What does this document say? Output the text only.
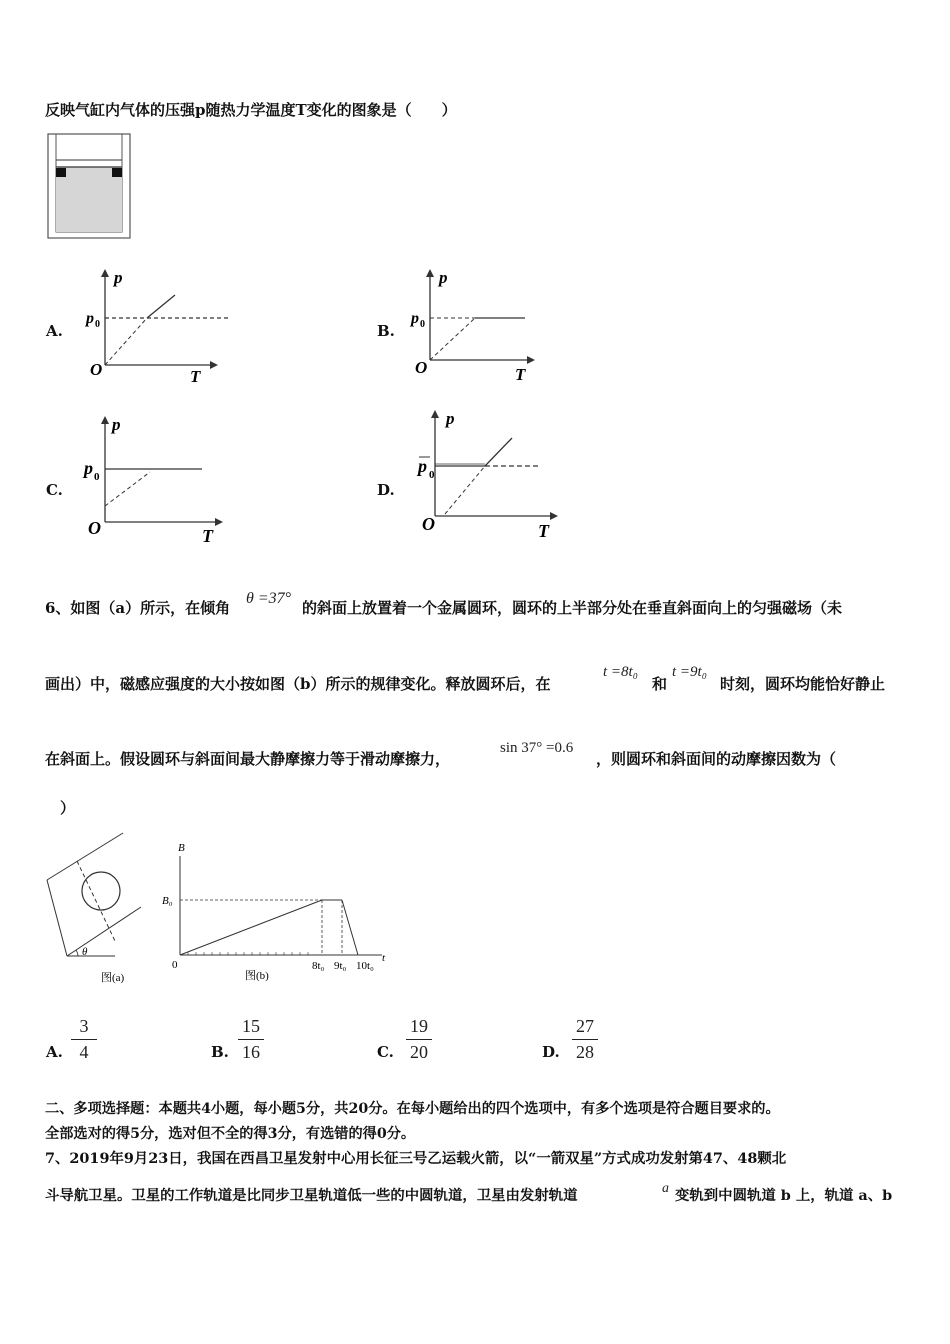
反映气缸内气体的压强p随热力学温度T变化的图象是（　　）
A.
p
T
O
p 0	B.
p
T
O
p 0
C.
p
T
O
p 0
D.
p
T
O
p 0
6、如图（a）所示，在倾角
θ =37°
的斜面上放置着一个金属圆环，圆环的上半部分处在垂直斜面向上的匀强磁场（未
画出）中，磁感应强度的大小按如图（b）所示的规律变化。释放圆环后，在
t =8t₀
和
t =9t₀
时刻，圆环均能恰好静止
在斜面上。假设圆环与斜面间最大静摩擦力等于滑动摩擦力，
sin 37° =0.6
，则圆环和斜面间的动摩擦因数为（
）
θ
图(a)
B
t
0
B₀
8t₀ 9t₀ 10t₀
图(b)
A.
3
4	B.
15
16	C.
19
20	D.
27
28
二、多项选择题：本题共4小题，每小题5分，共20分。在每小题给出的四个选项中，有多个选项是符合题目要求的。
全部选对的得5分，选对但不全的得3分，有选错的得0分。
7、2019年9月23日，我国在西昌卫星发射中心用长征三号乙运载火箭，以“一箭双星”方式成功发射第47、48颗北
斗导航卫星。卫星的工作轨道是比同步卫星轨道低一些的中圆轨道，卫星由发射轨道	a 变轨到中圆轨道 b 上，轨道 a、b
